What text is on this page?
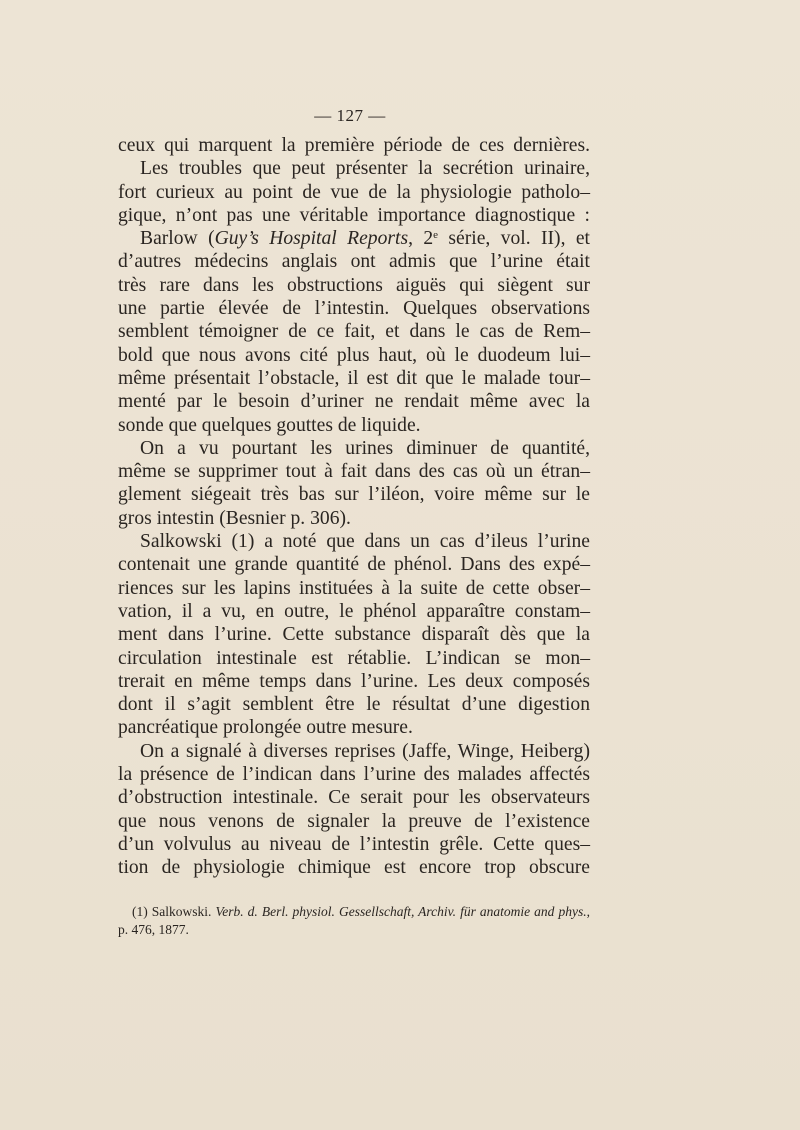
— 127 —

ceux qui marquent la première période de ces dernières.

Les troubles que peut présenter la secrétion urinaire,

fort curieux au point de vue de la physiologie patholo–

gique, n’ont pas une véritable importance diagnostique :

Barlow (Guy’s Hospital Reports, 2e série, vol. II), et

d’autres médecins anglais ont admis que l’urine était

très rare dans les obstructions aiguës qui siègent sur

une partie élevée de l’intestin. Quelques observations

semblent témoigner de ce fait, et dans le cas de Rem–

bold que nous avons cité plus haut, où le duodeum lui–

même présentait l’obstacle, il est dit que le malade tour–

menté par le besoin d’uriner ne rendait même avec la

sonde que quelques gouttes de liquide.

On a vu pourtant les urines diminuer de quantité,

même se supprimer tout à fait dans des cas où un étran–

glement siégeait très bas sur l’iléon, voire même sur le

gros intestin (Besnier p. 306).

Salkowski (1) a noté que dans un cas d’ileus l’urine

contenait une grande quantité de phénol. Dans des expé–

riences sur les lapins instituées à la suite de cette obser–

vation, il a vu, en outre, le phénol apparaître constam–

ment dans l’urine. Cette substance disparaît dès que la

circulation intestinale est rétablie. L’indican se mon–

trerait en même temps dans l’urine. Les deux composés

dont il s’agit semblent être le résultat d’une digestion

pancréatique prolongée outre mesure.

On a signalé à diverses reprises (Jaffe, Winge, Heiberg)

la présence de l’indican dans l’urine des malades affectés

d’obstruction intestinale. Ce serait pour les observateurs

que nous venons de signaler la preuve de l’existence

d’un volvulus au niveau de l’intestin grêle. Cette ques–

tion de physiologie chimique est encore trop obscure

(1) Salkowski. Verb. d. Berl. physiol. Gessellschaft, Archiv. für anatomie and phys., p. 476, 1877.
